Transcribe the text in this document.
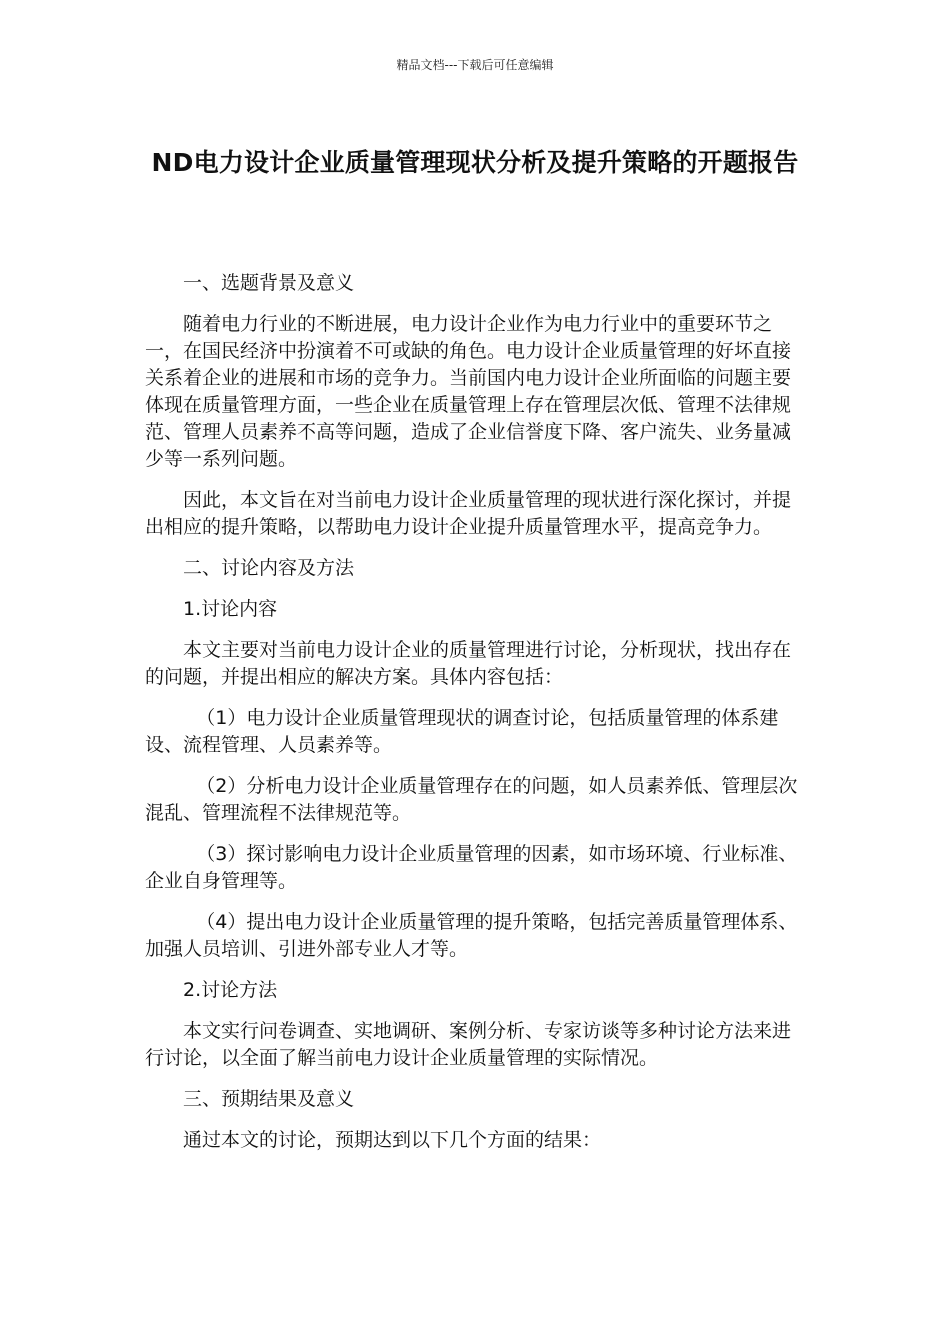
精品文档---下载后可任意编辑
ND电力设计企业质量管理现状分析及提升策略的开题报告

一、选题背景及意义

随着电力行业的不断进展，电力设计企业作为电力行业中的重要环节之一，在国民经济中扮演着不可或缺的角色。电力设计企业质量管理的好坏直接关系着企业的进展和市场的竞争力。当前国内电力设计企业所面临的问题主要体现在质量管理方面，一些企业在质量管理上存在管理层次低、管理不法律规范、管理人员素养不高等问题，造成了企业信誉度下降、客户流失、业务量减少等一系列问题。

因此，本文旨在对当前电力设计企业质量管理的现状进行深化探讨，并提出相应的提升策略，以帮助电力设计企业提升质量管理水平，提高竞争力。

二、讨论内容及方法

1.讨论内容

本文主要对当前电力设计企业的质量管理进行讨论，分析现状，找出存在的问题，并提出相应的解决方案。具体内容包括：

（1）电力设计企业质量管理现状的调查讨论，包括质量管理的体系建设、流程管理、人员素养等。

（2）分析电力设计企业质量管理存在的问题，如人员素养低、管理层次混乱、管理流程不法律规范等。

（3）探讨影响电力设计企业质量管理的因素，如市场环境、行业标准、企业自身管理等。

（4）提出电力设计企业质量管理的提升策略，包括完善质量管理体系、加强人员培训、引进外部专业人才等。

2.讨论方法

本文实行问卷调查、实地调研、案例分析、专家访谈等多种讨论方法来进行讨论，以全面了解当前电力设计企业质量管理的实际情况。

三、预期结果及意义

通过本文的讨论，预期达到以下几个方面的结果：
